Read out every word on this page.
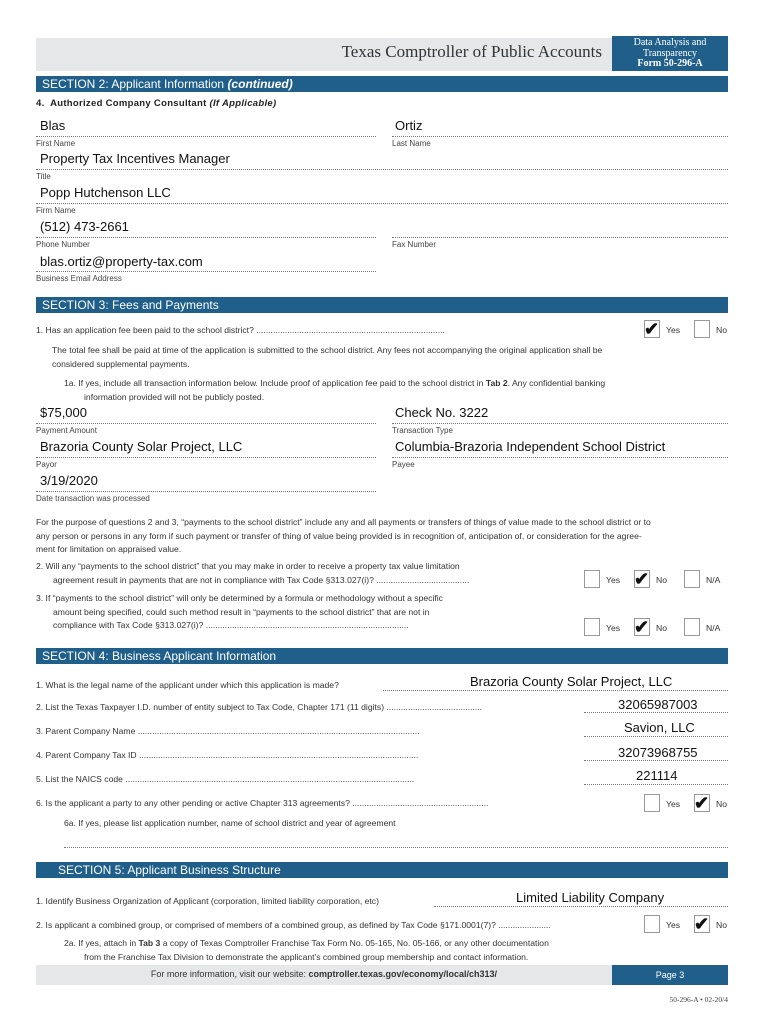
Texas Comptroller of Public Accounts	Data Analysis and
Transparency
Form 50-296-A
SECTION 2: Applicant Information (continued)
4. Authorized Company Consultant (If Applicable)
Blas
First Name
Ortiz
Last Name
Property Tax Incentives Manager
Title
Popp Hutchenson LLC
Firm Name
(512) 473-2661
Phone Number	Fax Number
blas.ortiz@property-tax.com
Business Email Address
SECTION 3: Fees and Payments
1. Has an application fee been paid to the school district? ...............................................................................	✔ Yes	No
The total fee shall be paid at time of the application is submitted to the school district. Any fees not accompanying the original application shall be
considered supplemental payments.
1a. If yes, include all transaction information below. Include proof of application fee paid to the school district in Tab 2. Any confidential banking
information provided will not be publicly posted.
$75,000
Payment Amount
Check No. 3222
Transaction Type
Brazoria County Solar Project, LLC
Payor
Columbia-Brazoria Independent School District
Payee
3/19/2020
Date transaction was processed
For the purpose of questions 2 and 3, “payments to the school district” include any and all payments or transfers of things of value made to the school district or to
any person or persons in any form if such payment or transfer of thing of value being provided is in recognition of, anticipation of, or consideration for the agree-
ment for limitation on appraised value.
2. Will any “payments to the school district” that you may make in order to receive a property tax value limitation
agreement result in payments that are not in compliance with Tax Code §313.027(i)? .......................................	Yes ✔ No	N/A
3. If “payments to the school district” will only be determined by a formula or methodology without a specific
amount being specified, could such method result in “payments to the school district” that are not in
compliance with Tax Code §313.027(i)? .....................................................................................	Yes ✔ No	N/A
SECTION 4: Business Applicant Information
1. What is the legal name of the applicant under which this application is made?	Brazoria County Solar Project, LLC
2. List the Texas Taxpayer I.D. number of entity subject to Tax Code, Chapter 171 (11 digits) ........................................	32065987003
3. Parent Company Name ......................................................................................................................	Savion, LLC
4. Parent Company Tax ID .....................................................................................................................	32073968755
5. List the NAICS code .........................................................................................................................	221114
6. Is the applicant a party to any other pending or active Chapter 313 agreements? .........................................................	Yes ✔ No
6a. If yes, please list application number, name of school district and year of agreement
SECTION 5: Applicant Business Structure
1. Identify Business Organization of Applicant (corporation, limited liability corporation, etc)	Limited Liability Company
2. Is applicant a combined group, or comprised of members of a combined group, as defined by Tax Code §171.0001(7)? ......................	Yes ✔ No
2a. If yes, attach in Tab 3 a copy of Texas Comptroller Franchise Tax Form No. 05-165, No. 05-166, or any other documentation
from the Franchise Tax Division to demonstrate the applicant's combined group membership and contact information.
For more information, visit our website: comptroller.texas.gov/economy/local/ch313/	Page 3
50-296-A • 02-20/4
